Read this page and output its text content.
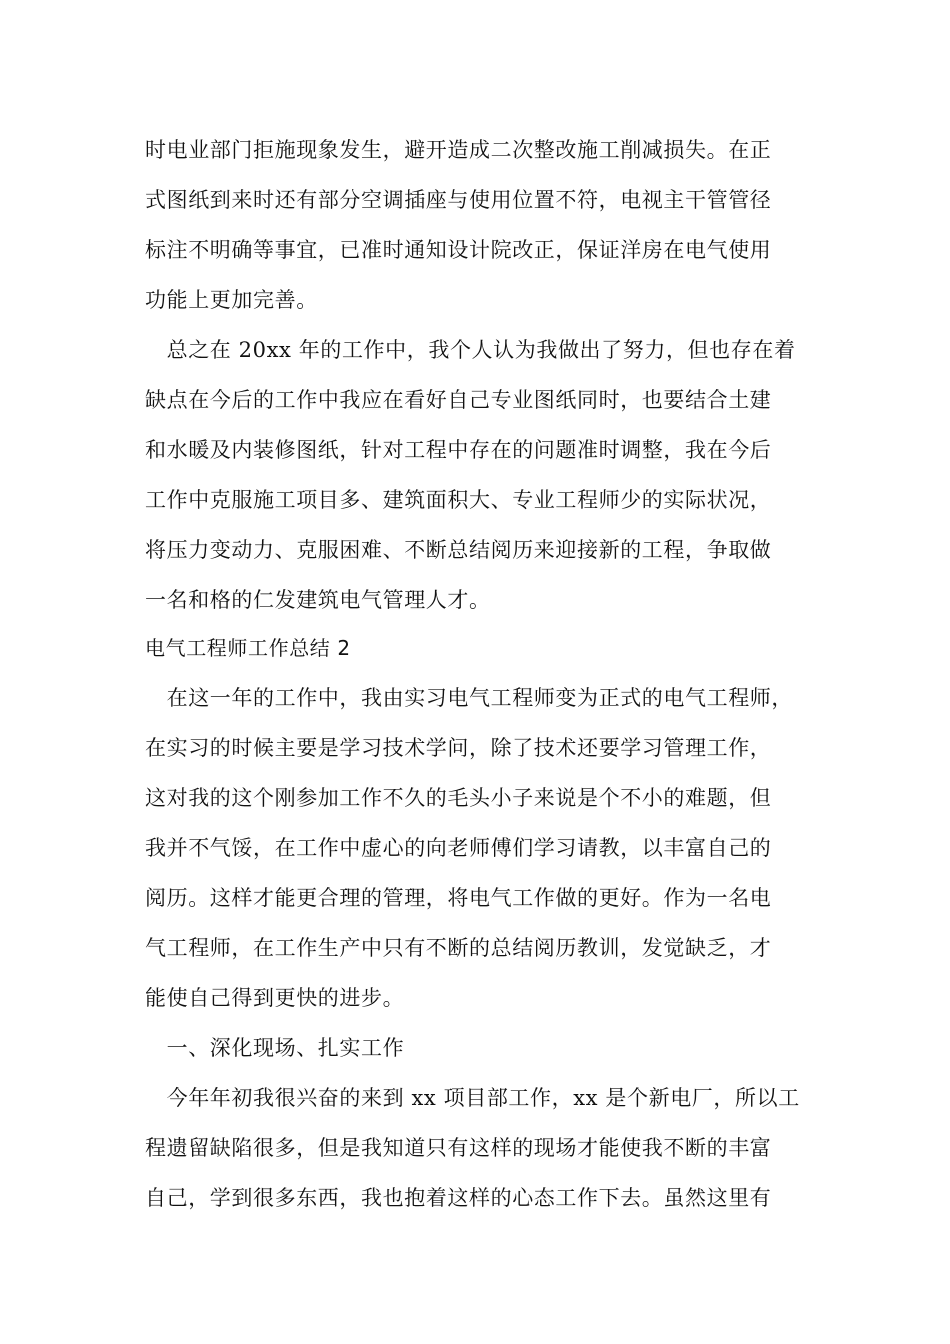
时电业部门拒施现象发生，避开造成二次整改施工削减损失。在正
式图纸到来时还有部分空调插座与使用位置不符，电视主干管管径
标注不明确等事宜，已准时通知设计院改正，保证洋房在电气使用
功能上更加完善。
　总之在 20xx 年的工作中，我个人认为我做出了努力，但也存在着
缺点在今后的工作中我应在看好自己专业图纸同时，也要结合土建
和水暖及内装修图纸，针对工程中存在的问题准时调整，我在今后
工作中克服施工项目多、建筑面积大、专业工程师少的实际状况，
将压力变动力、克服困难、不断总结阅历来迎接新的工程，争取做
一名和格的仁发建筑电气管理人才。
电气工程师工作总结 2
　在这一年的工作中，我由实习电气工程师变为正式的电气工程师，
在实习的时候主要是学习技术学问，除了技术还要学习管理工作，
这对我的这个刚参加工作不久的毛头小子来说是个不小的难题，但
我并不气馁，在工作中虚心的向老师傅们学习请教，以丰富自己的
阅历。这样才能更合理的管理，将电气工作做的更好。作为一名电
气工程师，在工作生产中只有不断的总结阅历教训，发觉缺乏，才
能使自己得到更快的进步。
　一、深化现场、扎实工作
　今年年初我很兴奋的来到 xx 项目部工作，xx 是个新电厂，所以工
程遗留缺陷很多，但是我知道只有这样的现场才能使我不断的丰富
自己，学到很多东西，我也抱着这样的心态工作下去。虽然这里有
